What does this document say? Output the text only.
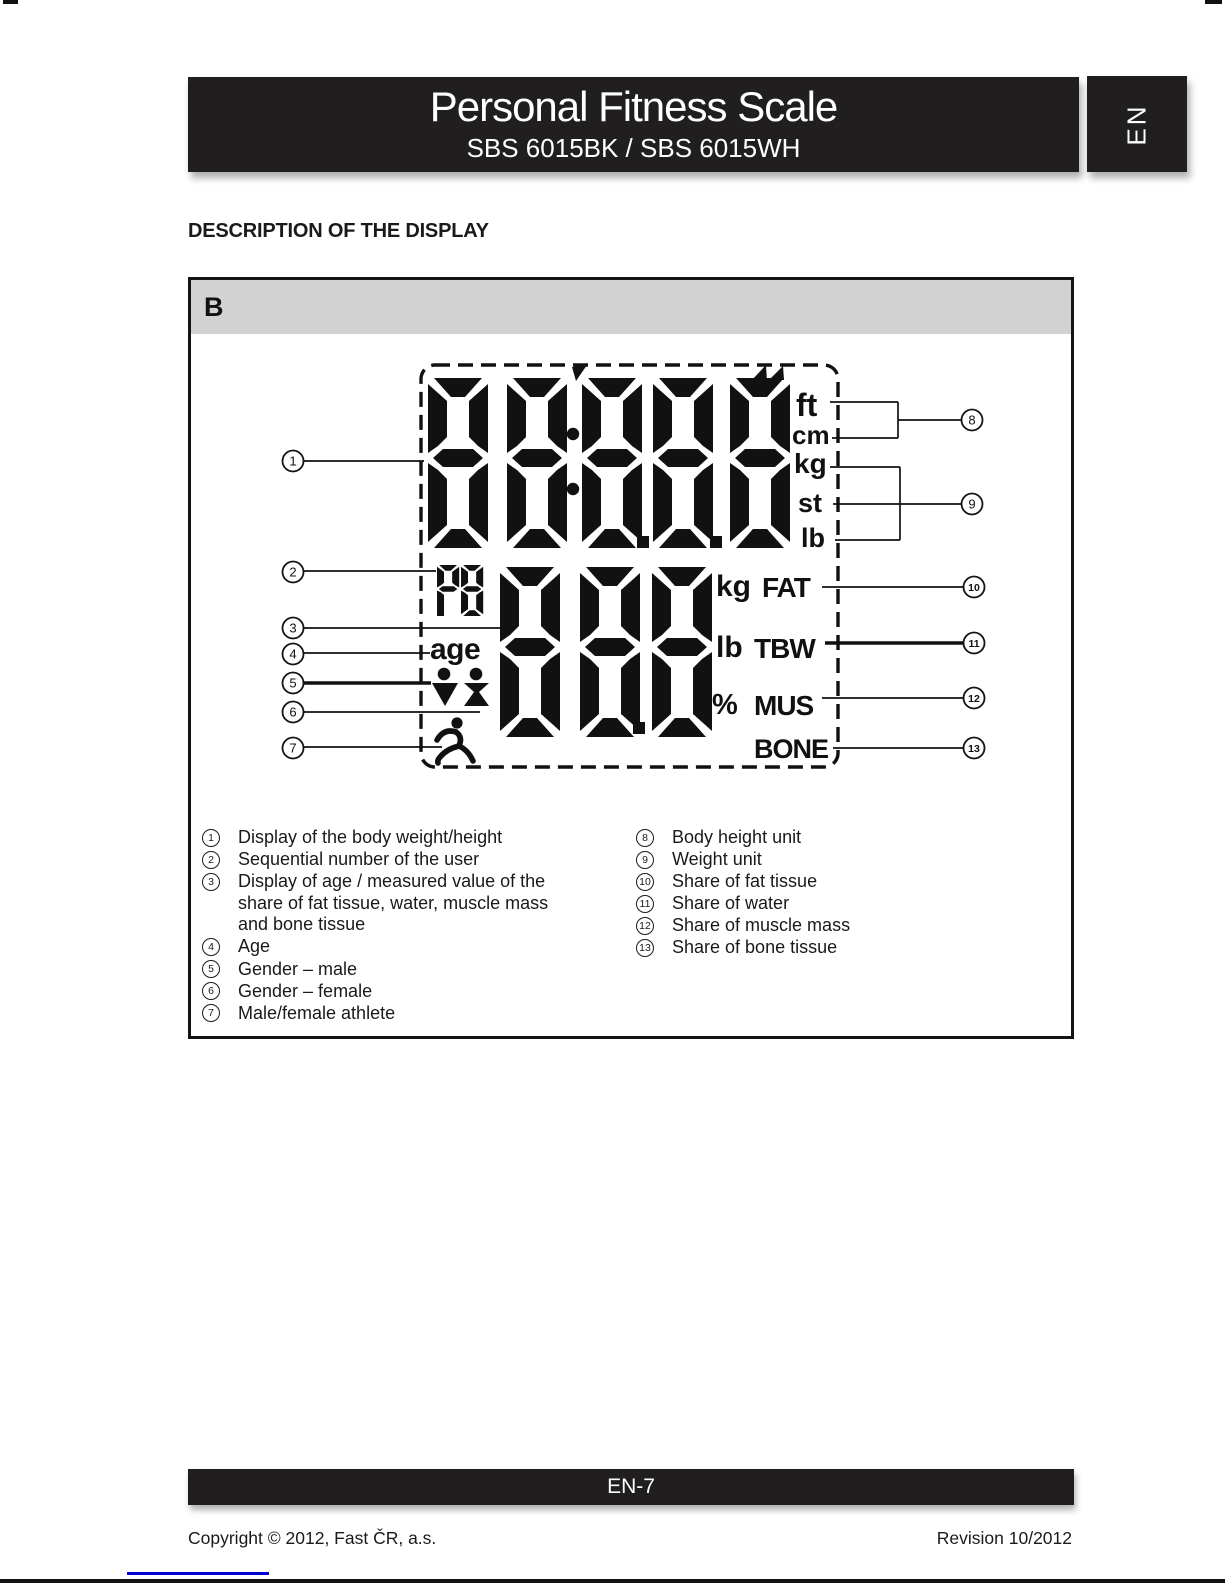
Personal Fitness Scale
SBS 6015BK / SBS 6015WH
EN
DESCRIPTION OF THE DISPLAY
B
ft
cm
kg
st
lb
age
kg FAT
lb TBW
% MUS
BONE
1
2
3
4
5
6
7
8
9
10
11
12
13
1	Display of the body weight/height
2	Sequential number of the user
3	Display of age / measured value of the share of fat tissue, water, muscle mass and bone tissue
4	Age
5	Gender – male
6	Gender – female
7	Male/female athlete
8	Body height unit
9	Weight unit
10 Share of fat tissue
11 Share of water
12 Share of muscle mass
13 Share of bone tissue
EN-7
Copyright © 2012, Fast ČR, a.s.	Revision 10/2012
